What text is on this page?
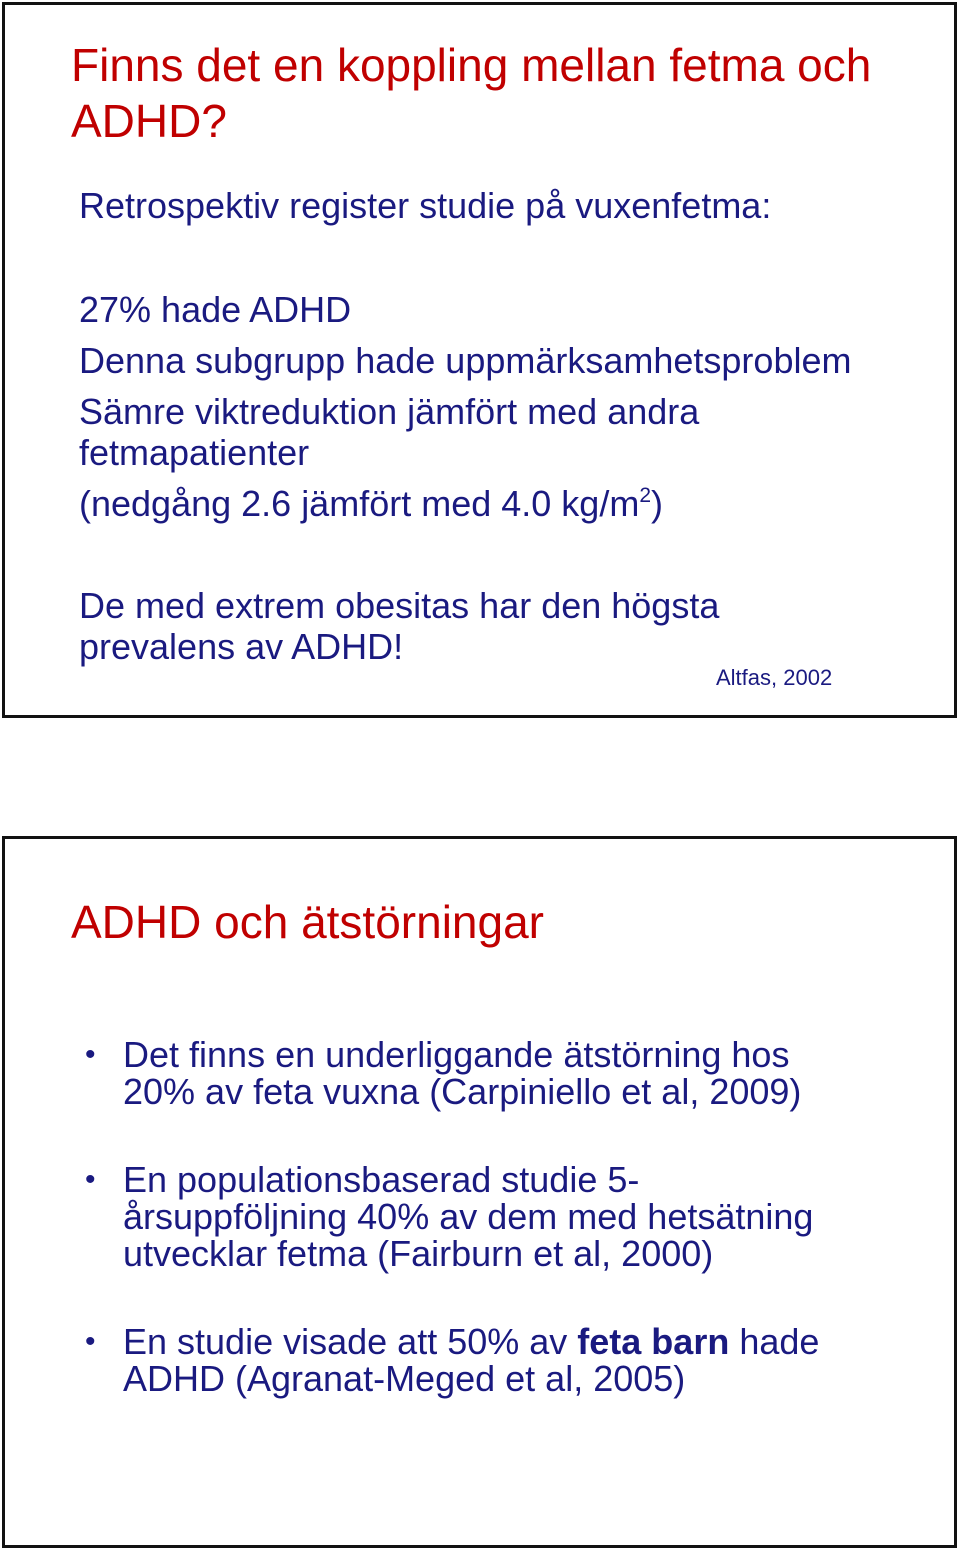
Finns det en koppling mellan fetma och ADHD?

Retrospektiv register studie på vuxenfetma:

27% hade ADHD

Denna subgrupp hade uppmärksamhetsproblem

Sämre viktreduktion jämfört med andra

fetmapatienter

(nedgång 2.6 jämfört med 4.0 $kg/m^2$)

De med extrem obesitas har den högsta

prevalens av ADHD!

Altfas, 2002
ADHD och ätstörningar
• Det finns en underliggande ätstörning hos
20% av feta vuxna (Carpiniello et al, 2009)
• En populationsbaserad studie 5-
årsuppföljning 40% av dem med hetsätning
utvecklar fetma (Fairburn et al, 2000)
• En studie visade att 50% av feta barn hade
ADHD (Agranat-Meged et al, 2005)
